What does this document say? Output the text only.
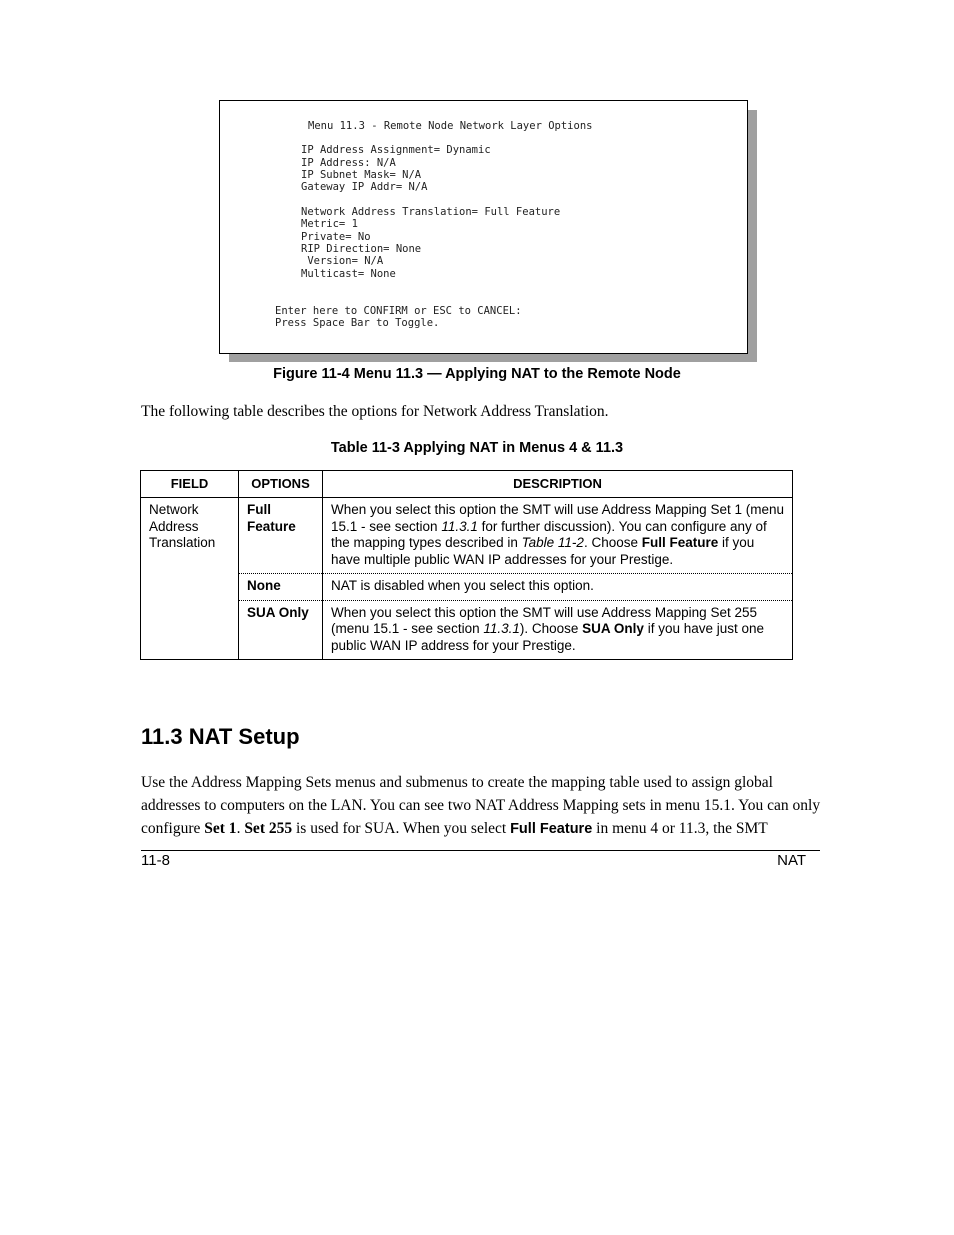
Menu 11.3 - Remote Node Network Layer Options
IP Address Assignment= Dynamic
IP Address: N/A
IP Subnet Mask= N/A
Gateway IP Addr= N/A
Network Address Translation= Full Feature
Metric= 1
Private= No
RIP Direction= None
Version= N/A
Multicast= None
Enter here to CONFIRM or ESC to CANCEL:
Press Space Bar to Toggle.
Figure 11-4 Menu 11.3 — Applying NAT to the Remote Node
The following table describes the options for Network Address Translation.
Table 11-3 Applying NAT in Menus 4 & 11.3
FIELD	OPTIONS	DESCRIPTION
Network Address Translation	Full Feature	When you select this option the SMT will use Address Mapping Set 1 (menu 15.1 - see section 11.3.1 for further discussion). You can configure any of the mapping types described in Table 11-2. Choose Full Feature if you have multiple public WAN IP addresses for your Prestige.
	None	NAT is disabled when you select this option.
	SUA Only	When you select this option the SMT will use Address Mapping Set 255 (menu 15.1 - see section 11.3.1). Choose SUA Only if you have just one public WAN IP address for your Prestige.
11.3 NAT Setup
Use the Address Mapping Sets menus and submenus to create the mapping table used to assign global addresses to computers on the LAN. You can see two NAT Address Mapping sets in menu 15.1. You can only configure Set 1. Set 255 is used for SUA. When you select Full Feature in menu 4 or 11.3, the SMT
11-8	NAT
